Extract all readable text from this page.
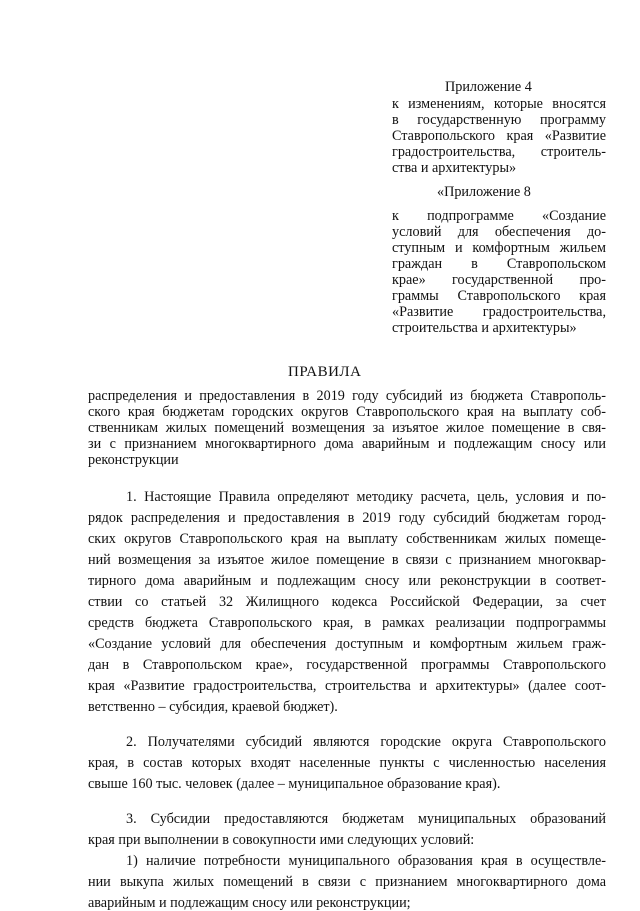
Приложение 4
к изменениям, которые вносятся
в государственную программу
Ставропольского края «Развитие
градостроительства, строитель-
ства и архитектуры»
«Приложение 8
к подпрограмме «Создание
условий для обеспечения до-
ступным и комфортным жильем
граждан в Ставропольском
крае» государственной про-
граммы Ставропольского края
«Развитие градостроительства,
строительства и архитектуры»
ПРАВИЛА
распределения и предоставления в 2019 году субсидий из бюджета Ставрополь-
ского края бюджетам городских округов Ставропольского края на выплату соб-
ственникам жилых помещений возмещения за изъятое жилое помещение в свя-
зи с признанием многоквартирного дома аварийным и подлежащим сносу или
реконструкции
1. Настоящие Правила определяют методику расчета, цель, условия и по-
рядок распределения и предоставления в 2019 году субсидий бюджетам город-
ских округов Ставропольского края на выплату собственникам жилых помеще-
ний возмещения за изъятое жилое помещение в связи с признанием многоквар-
тирного дома аварийным и подлежащим сносу или реконструкции в соответ-
ствии со статьей 32 Жилищного кодекса Российской Федерации, за счет
средств бюджета Ставропольского края, в рамках реализации подпрограммы
«Создание условий для обеспечения доступным и комфортным жильем граж-
дан в Ставропольском крае», государственной программы Ставропольского
края «Развитие градостроительства, строительства и архитектуры» (далее соот-
ветственно – субсидия, краевой бюджет).
2. Получателями субсидий являются городские округа Ставропольского
края, в состав которых входят населенные пункты с численностью населения
свыше 160 тыс. человек (далее – муниципальное образование края).
3. Субсидии предоставляются бюджетам муниципальных образований
края при выполнении в совокупности ими следующих условий:
1) наличие потребности муниципального образования края в осуществле-
нии выкупа жилых помещений в связи с признанием многоквартирного дома
аварийным и подлежащим сносу или реконструкции;
